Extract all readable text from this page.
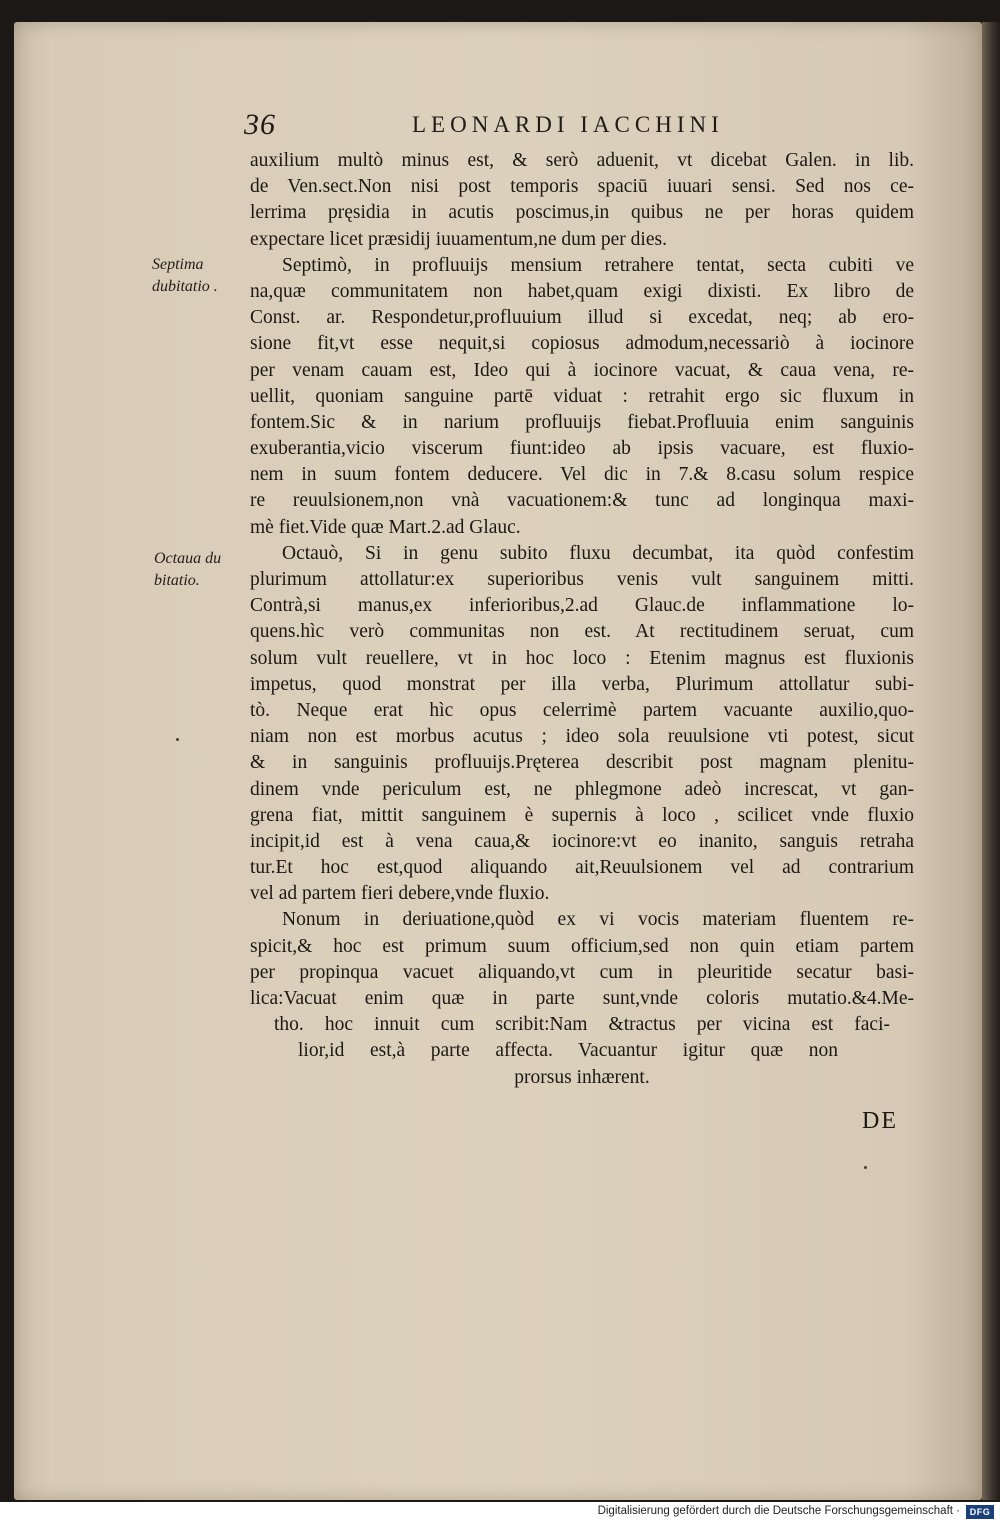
36	LEONARDI IACCHINI
Septima
dubitatio .
Octaua du
bitatio.
auxilium multò minus est, & serò aduenit, vt dicebat Galen. in lib.
de Ven.sect.Non nisi post temporis spaciū iuuari sensi. Sed nos ce-
lerrima pręsidia in acutis poscimus,in quibus ne per horas quidem
expectare licet præsidij iuuamentum,ne dum per dies.
Septimò, in profluuijs mensium retrahere tentat, secta cubiti ve
na,quæ communitatem non habet,quam exigi dixisti. Ex libro de
Const. ar. Respondetur,profluuium illud si excedat, neq; ab ero-
sione fit,vt esse nequit,si copiosus admodum,necessariò à iocinore
per venam cauam est, Ideo qui à iocinore vacuat, & caua vena, re-
uellit, quoniam sanguine partē viduat : retrahit ergo sic fluxum in
fontem.Sic & in narium profluuijs fiebat.Profluuia enim sanguinis
exuberantia,vicio viscerum fiunt:ideo ab ipsis vacuare, est fluxio-
nem in suum fontem deducere. Vel dic in 7.& 8.casu solum respice
re reuulsionem,non vnà vacuationem:& tunc ad longinqua maxi-
mè fiet.Vide quæ Mart.2.ad Glauc.
Octauò, Si in genu subito fluxu decumbat, ita quòd confestim
plurimum attollatur:ex superioribus venis vult sanguinem mitti.
Contrà,si manus,ex inferioribus,2.ad Glauc.de inflammatione lo-
quens.hìc verò communitas non est. At rectitudinem seruat, cum
solum vult reuellere, vt in hoc loco : Etenim magnus est fluxionis
impetus, quod monstrat per illa verba, Plurimum attollatur subi-
tò. Neque erat hìc opus celerrimè partem vacuante auxilio,quo-
niam non est morbus acutus ; ideo sola reuulsione vti potest, sicut
& in sanguinis profluuijs.Pręterea describit post magnam plenitu-
dinem vnde periculum est, ne phlegmone adeò increscat, vt gan-
grena fiat, mittit sanguinem è supernis à loco , scilicet vnde fluxio
incipit,id est à vena caua,& iocinore:vt eo inanito, sanguis retraha
tur.Et hoc est,quod aliquando ait,Reuulsionem vel ad contrarium
vel ad partem fieri debere,vnde fluxio.
Nonum in deriuatione,quòd ex vi vocis materiam fluentem re-
spicit,& hoc est primum suum officium,sed non quin etiam partem
per propinqua vacuet aliquando,vt cum in pleuritide secatur basi-
lica:Vacuat enim quæ in parte sunt,vnde coloris mutatio.&4.Me-
tho. hoc innuit cum scribit:Nam &tractus per vicina est faci-
lior,id est,à parte affecta. Vacuantur igitur quæ non
prorsus inhærent.
DE
Digitalisierung gefördert durch die Deutsche Forschungsgemeinschaft ·	DFG
